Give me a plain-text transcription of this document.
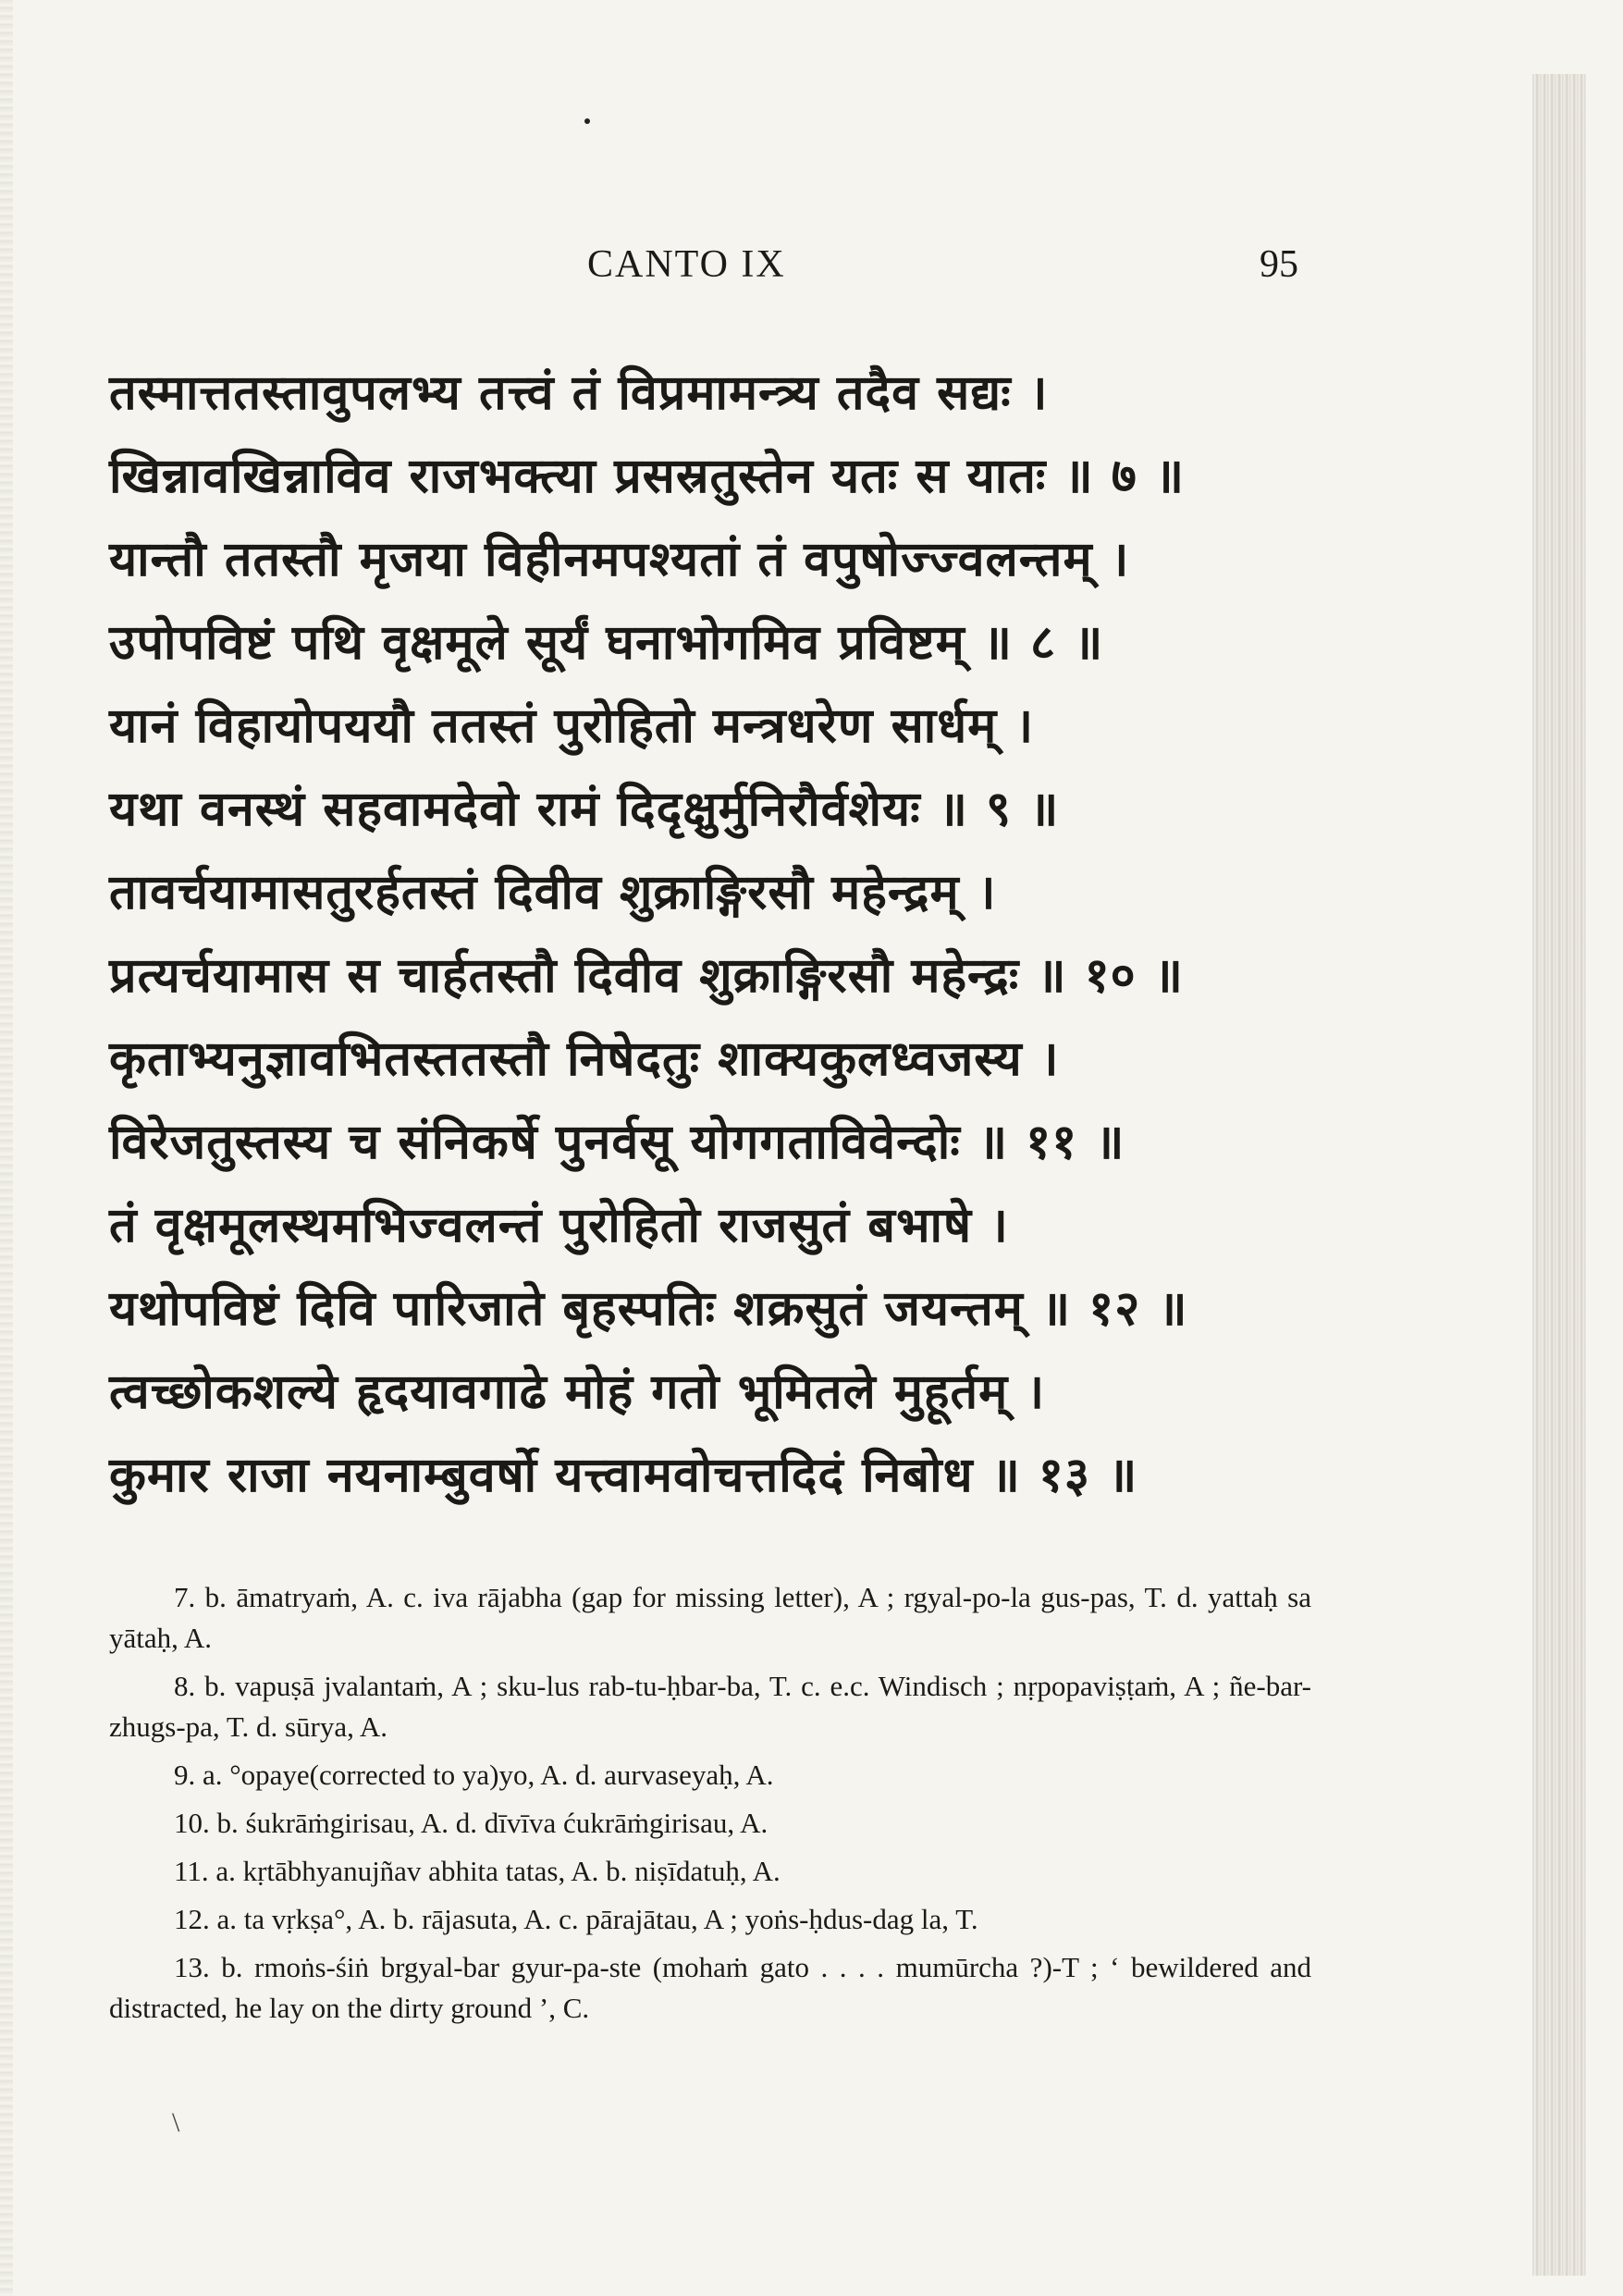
CANTO IX	95
तस्मात्ततस्तावुपलभ्य तत्त्वं तं विप्रमामन्त्र्य तदैव सद्यः ।
खिन्नावखिन्नाविव राजभक्त्या प्रसस्रतुस्तेन यतः स यातः ॥ ७ ॥
यान्तौ ततस्तौ मृजया विहीनमपश्यतां तं वपुषोज्ज्वलन्तम् ।
उपोपविष्टं पथि वृक्षमूले सूर्यं घनाभोगमिव प्रविष्टम् ॥ ८ ॥
यानं विहायोपययौ ततस्तं पुरोहितो मन्त्रधरेण सार्धम् ।
यथा वनस्थं सहवामदेवो रामं दिदृक्षुर्मुनिरौर्वशेयः ॥ ९ ॥
तावर्चयामासतुरर्हतस्तं दिवीव शुक्राङ्गिरसौ महेन्द्रम् ।
प्रत्यर्चयामास स चार्हतस्तौ दिवीव शुक्राङ्गिरसौ महेन्द्रः ॥ १० ॥
कृताभ्यनुज्ञावभितस्ततस्तौ निषेदतुः शाक्यकुलध्वजस्य ।
विरेजतुस्तस्य च संनिकर्षे पुनर्वसू योगगताविवेन्दोः ॥ ११ ॥
तं वृक्षमूलस्थमभिज्वलन्तं पुरोहितो राजसुतं बभाषे ।
यथोपविष्टं दिवि पारिजाते बृहस्पतिः शक्रसुतं जयन्तम् ॥ १२ ॥
त्वच्छोकशल्ये हृदयावगाढे मोहं गतो भूमितले मुहूर्तम् ।
कुमार राजा नयनाम्बुवर्षो यत्त्वामवोचत्तदिदं निबोध ॥ १३ ॥

7. b. āmatryaṁ, A. c. iva rājabha (gap for missing letter), A ; rgyal-po-la gus-pas, T. d. yattaḥ sa yātaḥ, A.

8. b. vapuṣā jvalantaṁ, A ; sku-lus rab-tu-ḥbar-ba, T. c. e.c. Windisch ; nṛpopaviṣṭaṁ, A ; ñe-bar-zhugs-pa, T. d. sūrya, A.

9. a. °opaye(corrected to ya)yo, A. d. aurvaseyaḥ, A.

10. b. śukrāṁgirisau, A. d. dīvīva ćukrāṁgirisau, A.

11. a. kṛtābhyanujñav abhita tatas, A. b. niṣīdatuḥ, A.

12. a. ta vṛkṣa°, A. b. rājasuta, A. c. pārajātau, A ; yoṅs-ḥdus-dag la, T.

13. b. rmoṅs-śiṅ brgyal-bar gyur-pa-ste (mohaṁ gato . . . . mumūrcha ?)-T ; ‘ bewildered and distracted, he lay on the dirty ground ’, C.

\
